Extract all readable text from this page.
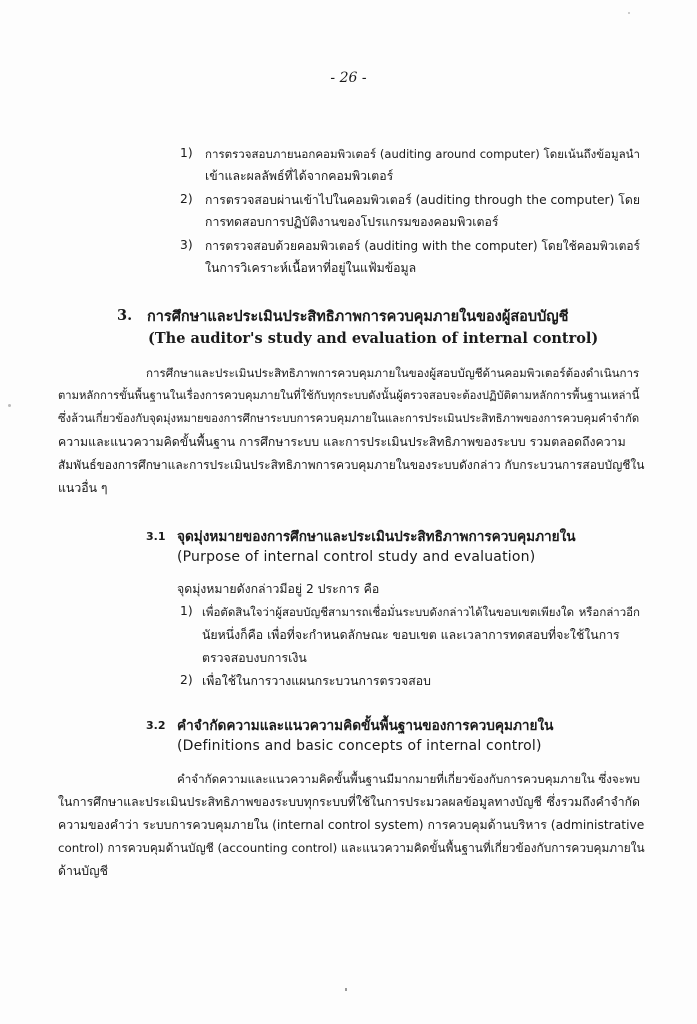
- 26 -
1) การตรวจสอบภายนอกคอมพิวเตอร์ (auditing around computer) โดยเน้นถึงข้อมูลนำ
เข้าและผลลัพธ์ที่ได้จากคอมพิวเตอร์
2) การตรวจสอบผ่านเข้าไปในคอมพิวเตอร์ (auditing through the computer) โดย
การทดสอบการปฏิบัติงานของโปรแกรมของคอมพิวเตอร์
3) การตรวจสอบด้วยคอมพิวเตอร์ (auditing with the computer) โดยใช้คอมพิวเตอร์
ในการวิเคราะห์เนื้อหาที่อยู่ในแฟ้มข้อมูล
3. การศึกษาและประเมินประสิทธิภาพการควบคุมภายในของผู้สอบบัญชี
(The auditor's study and evaluation of internal control)
การศึกษาและประเมินประสิทธิภาพการควบคุมภายในของผู้สอบบัญชีด้านคอมพิวเตอร์ต้องดำเนินการ
ตามหลักการขั้นพื้นฐานในเรื่องการควบคุมภายในที่ใช้กับทุกระบบดังนั้นผู้ตรวจสอบจะต้องปฏิบัติตามหลักการพื้นฐานเหล่านี้
ซึ่งล้วนเกี่ยวข้องกับจุดมุ่งหมายของการศึกษาระบบการควบคุมภายในและการประเมินประสิทธิภาพของการควบคุมคำจำกัด
ความและแนวความคิดขั้นพื้นฐาน การศึกษาระบบ และการประเมินประสิทธิภาพของระบบ รวมตลอดถึงความ
สัมพันธ์ของการศึกษาและการประเมินประสิทธิภาพการควบคุมภายในของระบบดังกล่าว กับกระบวนการสอบบัญชีใน
แนวอื่น ๆ
3.1 จุดมุ่งหมายของการศึกษาและประเมินประสิทธิภาพการควบคุมภายใน
(Purpose of internal control study and evaluation)
จุดมุ่งหมายดังกล่าวมีอยู่ 2 ประการ คือ
1) เพื่อตัดสินใจว่าผู้สอบบัญชีสามารถเชื่อมั่นระบบดังกล่าวได้ในขอบเขตเพียงใด หรือกล่าวอีก
นัยหนึ่งก็คือ เพื่อที่จะกำหนดลักษณะ ขอบเขต และเวลาการทดสอบที่จะใช้ในการ
ตรวจสอบงบการเงิน
2) เพื่อใช้ในการวางแผนกระบวนการตรวจสอบ
3.2 คำจำกัดความและแนวความคิดขั้นพื้นฐานของการควบคุมภายใน
(Definitions and basic concepts of internal control)
คำจำกัดความและแนวความคิดขั้นพื้นฐานมีมากมายที่เกี่ยวข้องกับการควบคุมภายใน ซึ่งจะพบ
ในการศึกษาและประเมินประสิทธิภาพของระบบทุกระบบที่ใช้ในการประมวลผลข้อมูลทางบัญชี ซึ่งรวมถึงคำจำกัด
ความของคำว่า ระบบการควบคุมภายใน (internal control system) การควบคุมด้านบริหาร (administrative
control) การควบคุมด้านบัญชี (accounting control) และแนวความคิดขั้นพื้นฐานที่เกี่ยวข้องกับการควบคุมภายใน
ด้านบัญชี
